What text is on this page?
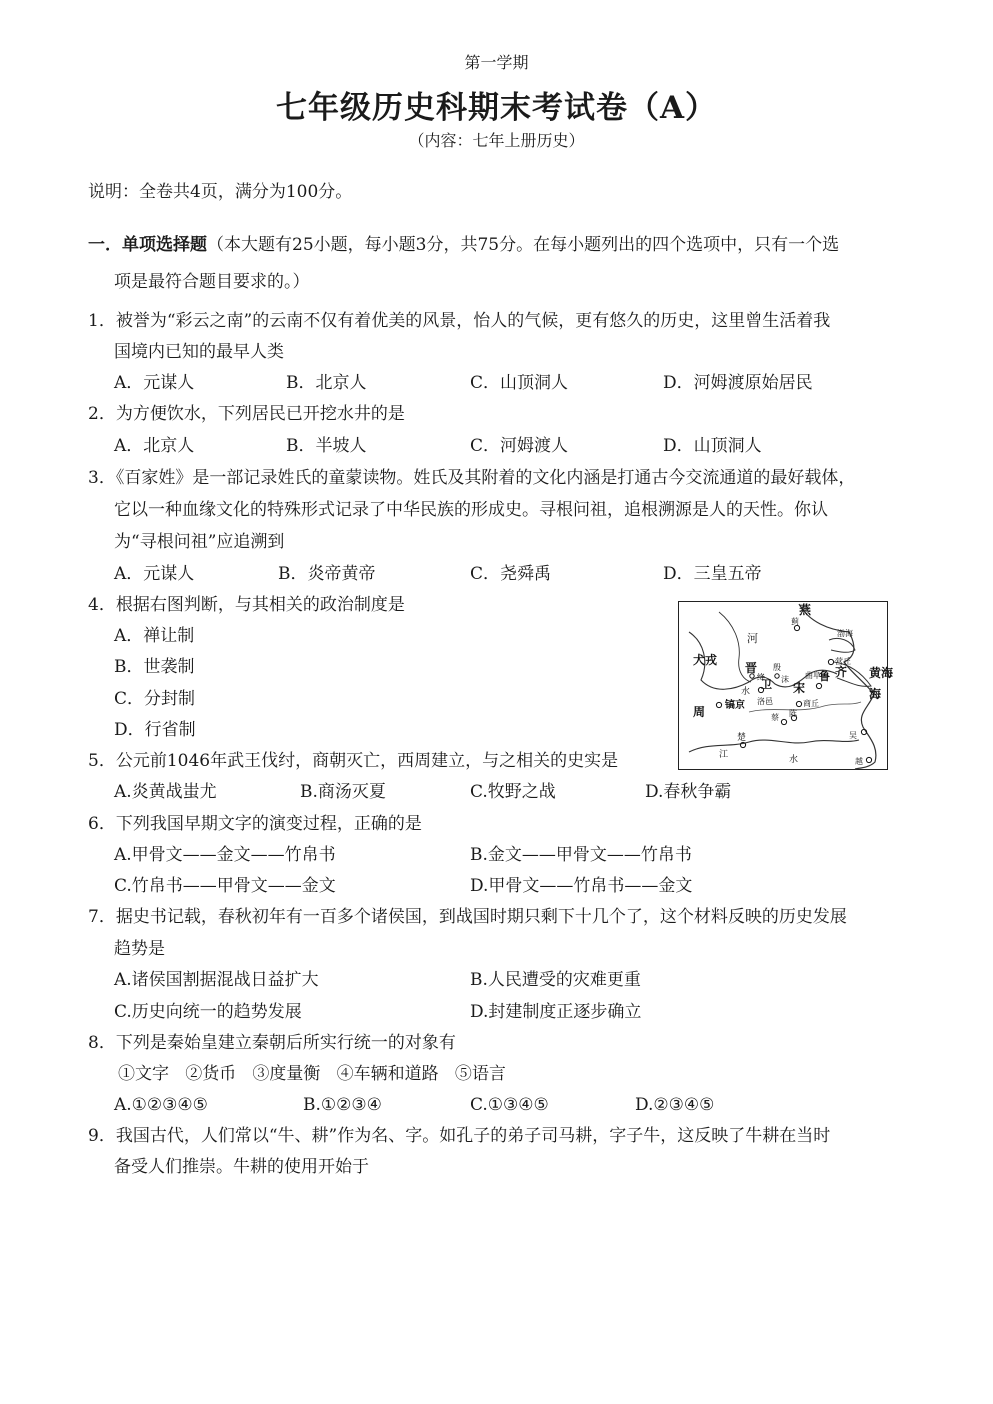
第一学期
七年级历史科期末考试卷（A）
（内容：七年上册历史）
说明：全卷共4页，满分为100分。
一．单项选择题（本大题有25小题，每小题3分，共75分。在每小题列出的四个选项中，只有一个选
项是最符合题目要求的。）
1．被誉为“彩云之南”的云南不仅有着优美的风景，怡人的气候，更有悠久的历史，这里曾生活着我
国境内已知的最早人类
A．元谋人	B．北京人	C．山顶洞人	D．河姆渡原始居民
2．为方便饮水，下列居民已开挖水井的是
A．北京人	B．半坡人	C．河姆渡人	D．山顶洞人
3．《百家姓》是一部记录姓氏的童蒙读物。姓氏及其附着的文化内涵是打通古今交流通道的最好载体，
它以一种血缘文化的特殊形式记录了中华民族的形成史。寻根问祖，追根溯源是人的天性。你认
为“寻根问祖”应追溯到
A．元谋人	B．炎帝黄帝	C．尧舜禹	D．三皇五帝
4．根据右图判断，与其相关的政治制度是
A．禅让制
B．世袭制
C．分封制
D．行省制
燕
蓟
渤海
河
犬戎
晋
绛
殷
卫 沫
齐
营丘
鲁
曲阜
宋
商丘
黄海
水
洛邑
周 镐京
蔡 陈
楚
江	水
吴
越
海
5．公元前1046年武王伐纣，商朝灭亡，西周建立，与之相关的史实是
A.炎黄战蚩尤	B.商汤灭夏	C.牧野之战	D.春秋争霸
6．下列我国早期文字的演变过程，正确的是
A.甲骨文——金文——竹帛书	B.金文——甲骨文——竹帛书
C.竹帛书——甲骨文——金文	D.甲骨文——竹帛书——金文
7．据史书记载，春秋初年有一百多个诸侯国，到战国时期只剩下十几个了，这个材料反映的历史发展
趋势是
A.诸侯国割据混战日益扩大	B.人民遭受的灾难更重
C.历史向统一的趋势发展	D.封建制度正逐步确立
8．下列是秦始皇建立秦朝后所实行统一的对象有
①文字   ②货币   ③度量衡   ④车辆和道路   ⑤语言
A.①②③④⑤	B.①②③④	C.①③④⑤	D.②③④⑤
9．我国古代，人们常以“牛、耕”作为名、字。如孔子的弟子司马耕，字子牛，这反映了牛耕在当时
备受人们推崇。牛耕的使用开始于
